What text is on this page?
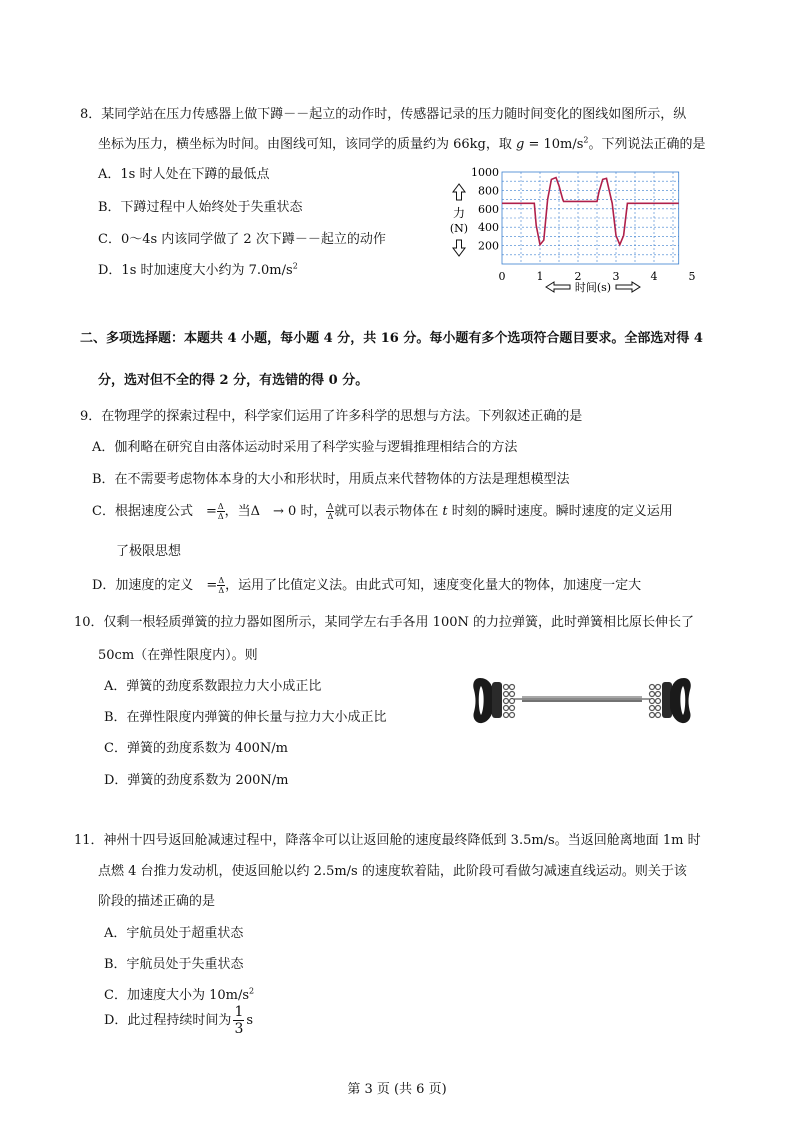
8．某同学站在压力传感器上做下蹲－－起立的动作时，传感器记录的压力随时间变化的图线如图所示，纵
坐标为压力，横坐标为时间。由图线可知，该同学的质量约为 66kg，取 $g = 10m/s^2$。下列说法正确的是
A．1s 时人处在下蹲的最低点
B．下蹲过程中人始终处于失重状态
C．0～4s 内该同学做了 2 次下蹲－－起立的动作
D．1s 时加速度大小约为 $7.0m/s^2$
1000
800
600
400
200
0	1	2	3	4	5
力
(N)
时间(s)
二、多项选择题：本题共 4 小题，每小题 4 分，共 16 分。每小题有多个选项符合题目要求。全部选对得 4
分，选对但不全的得 2 分，有选错的得 0 分。
9．在物理学的探索过程中，科学家们运用了许多科学的思想与方法。下列叙述正确的是
A．伽利略在研究自由落体运动时采用了科学实验与逻辑推理相结合的方法
B．在不需要考虑物体本身的大小和形状时，用质点来代替物体的方法是理想模型法
C．根据速度公式　= $\frac{\Delta}{\Delta}$ ，当Δ　→ 0 时， $\frac{\Delta}{\Delta}$ 就可以表示物体在 t 时刻的瞬时速度。瞬时速度的定义运用
了极限思想
D．加速度的定义　= $\frac{\Delta}{\Delta}$ ，运用了比值定义法。由此式可知，速度变化量大的物体，加速度一定大
10．仅剩一根轻质弹簧的拉力器如图所示，某同学左右手各用 100N 的力拉弹簧，此时弹簧相比原长伸长了
50cm（在弹性限度内）。则
A．弹簧的劲度系数跟拉力大小成正比
B．在弹性限度内弹簧的伸长量与拉力大小成正比
C．弹簧的劲度系数为 400N/m
D．弹簧的劲度系数为 200N/m
11．神州十四号返回舱减速过程中，降落伞可以让返回舱的速度最终降低到 3.5m/s。当返回舱离地面 1m 时
点燃 4 台推力发动机，使返回舱以约 2.5m/s 的速度软着陆，此阶段可看做匀减速直线运动。则关于该
阶段的描述正确的是
A．宇航员处于超重状态
B．宇航员处于失重状态
C．加速度大小为 $10m/s^2$
D．此过程持续时间为 $\frac{1}{3}$ s
第 3 页 (共 6 页)
